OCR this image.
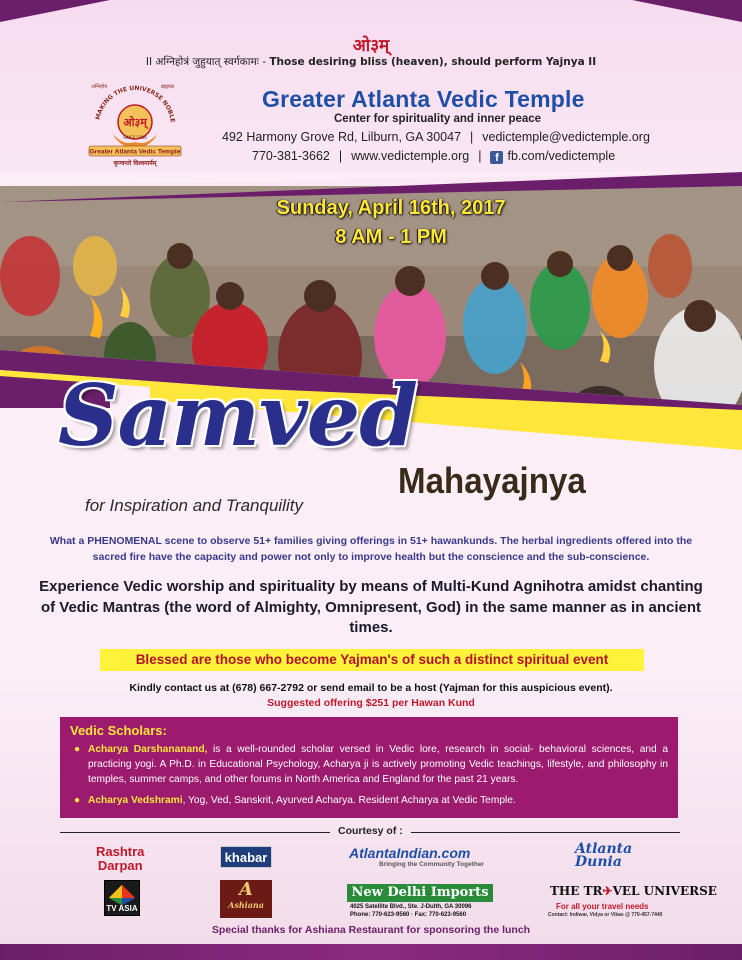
ओ३म्
II अग्निहोत्रं जुहुयात् स्वर्गकामः - Those desiring bliss (heaven), should perform Yajnya II
MAKING THE UNIVERSE NOBLE
अग्निहोत्र	ब्रह्मयज्ञ
ओ३म्
SINCE 1984
Greater Atlanta Vedic Temple
कृण्वन्तो विश्वमार्यम्
Greater Atlanta Vedic Temple
Center for spirituality and inner peace
492 Harmony Grove Rd, Lilburn, GA 30047 | vedictemple@vedictemple.org
770-381-3662 | www.vedictemple.org | f fb.com/vedictemple
Sunday, April 16th, 2017
8 AM - 1 PM
Samved
Mahayajnya
for Inspiration and Tranquility
What a PHENOMENAL scene to observe 51+ families giving offerings in 51+ hawankunds. The herbal ingredients offered into the sacred fire have the capacity and power not only to improve health but the conscience and the sub-conscience.
Experience Vedic worship and spirituality by means of Multi-Kund Agnihotra amidst chanting of Vedic Mantras (the word of Almighty, Omnipresent, God) in the same manner as in ancient times.
Blessed are those who become Yajman's of such a distinct spiritual event
Kindly contact us at (678) 667-2792 or send email to be a host (Yajman for this auspicious event).
Suggested offering $251 per Hawan Kund
Vedic Scholars:
● Acharya Darshananand, is a well-rounded scholar versed in Vedic lore, research in social- behavioral sciences, and a practicing yogi. A Ph.D. in Educational Psychology, Acharya ji is actively promoting Vedic teachings, lifestyle, and philosophy in temples, summer camps, and other forums in North America and England for the past 21 years.
● Acharya Vedshrami, Yog, Ved, Sanskrit, Ayurved Acharya. Resident Acharya at Vedic Temple.
Courtesy of :
Rashtra
Darpan
khabar	AtlantaIndian.com
Bringing the Community Together
Atlanta
Dunia
TV ASIA
A
Ashiana
New Delhi Imports
4025 Satellite Blvd., Ste. J-Dulth, GA 30096
Phone: 770-623-9560 · Fax: 770-623-9560
THE TR✈VEL UNIVERSE
For all your travel needs
Contact: Indiwar, Vidya or Vikas @ 770-457-7440
Special thanks for Ashiana Restaurant for sponsoring the lunch
